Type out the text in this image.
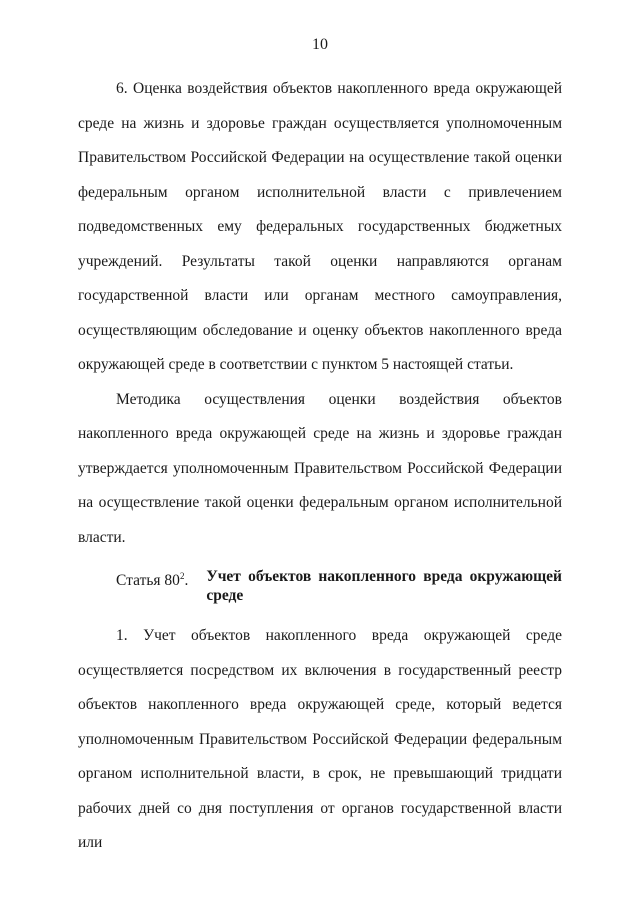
10

6. Оценка воздействия объектов накопленного вреда окружающей среде на жизнь и здоровье граждан осуществляется уполномоченным Правительством Российской Федерации на осуществление такой оценки федеральным органом исполнительной власти с привлечением подведомственных ему федеральных государственных бюджетных учреждений. Результаты такой оценки направляются органам государственной власти или органам местного самоуправления, осуществляющим обследование и оценку объектов накопленного вреда окружающей среде в соответствии с пунктом 5 настоящей статьи.

Методика осуществления оценки воздействия объектов накопленного вреда окружающей среде на жизнь и здоровье граждан утверждается уполномоченным Правительством Российской Федерации на осуществление такой оценки федеральным органом исполнительной власти.

Статья $80^2$.	Учет объектов накопленного вреда окружающей среде

1. Учет объектов накопленного вреда окружающей среде осуществляется посредством их включения в государственный реестр объектов накопленного вреда окружающей среде, который ведется уполномоченным Правительством Российской Федерации федеральным органом исполнительной власти, в срок, не превышающий тридцати рабочих дней со дня поступления от органов государственной власти или
